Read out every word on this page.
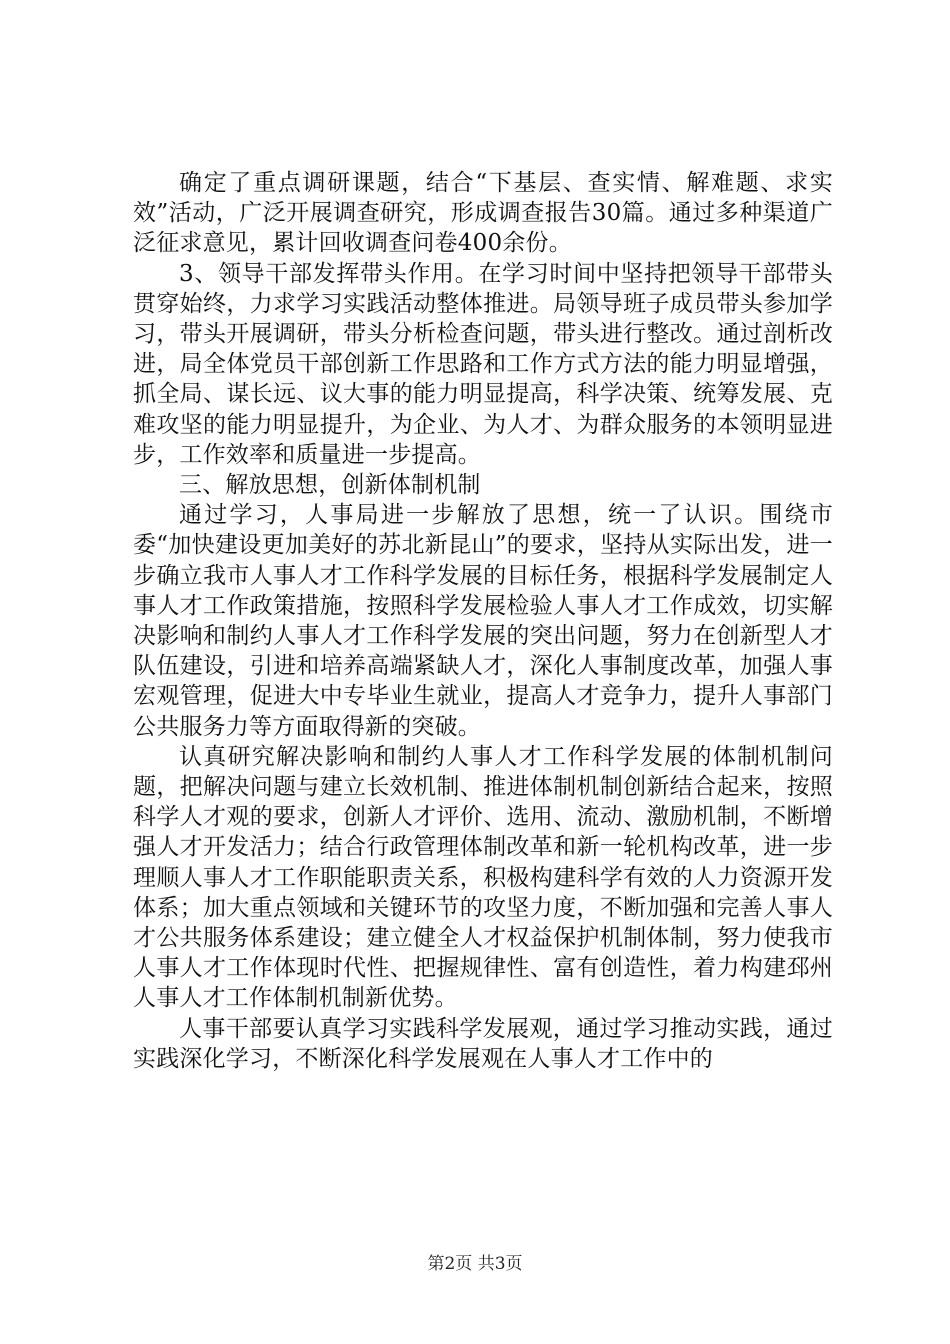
确定了重点调研课题，结合“下基层、查实情、解难题、求实效”活动，广泛开展调查研究，形成调查报告30篇。通过多种渠道广泛征求意见，累计回收调查问卷400余份。

3、领导干部发挥带头作用。在学习时间中坚持把领导干部带头贯穿始终，力求学习实践活动整体推进。局领导班子成员带头参加学习，带头开展调研，带头分析检查问题，带头进行整改。通过剖析改进，局全体党员干部创新工作思路和工作方式方法的能力明显增强，抓全局、谋长远、议大事的能力明显提高，科学决策、统筹发展、克难攻坚的能力明显提升，为企业、为人才、为群众服务的本领明显进步，工作效率和质量进一步提高。

三、解放思想，创新体制机制

通过学习，人事局进一步解放了思想，统一了认识。围绕市委“加快建设更加美好的苏北新昆山”的要求，坚持从实际出发，进一步确立我市人事人才工作科学发展的目标任务，根据科学发展制定人事人才工作政策措施，按照科学发展检验人事人才工作成效，切实解决影响和制约人事人才工作科学发展的突出问题，努力在创新型人才队伍建设，引进和培养高端紧缺人才，深化人事制度改革，加强人事宏观管理，促进大中专毕业生就业，提高人才竞争力，提升人事部门公共服务力等方面取得新的突破。

认真研究解决影响和制约人事人才工作科学发展的体制机制问题，把解决问题与建立长效机制、推进体制机制创新结合起来，按照科学人才观的要求，创新人才评价、选用、流动、激励机制，不断增强人才开发活力；结合行政管理体制改革和新一轮机构改革，进一步理顺人事人才工作职能职责关系，积极构建科学有效的人力资源开发体系；加大重点领域和关键环节的攻坚力度，不断加强和完善人事人才公共服务体系建设；建立健全人才权益保护机制体制，努力使我市人事人才工作体现时代性、把握规律性、富有创造性，着力构建邳州人事人才工作体制机制新优势。

人事干部要认真学习实践科学发展观，通过学习推动实践，通过实践深化学习，不断深化科学发展观在人事人才工作中的

第2页 共3页
